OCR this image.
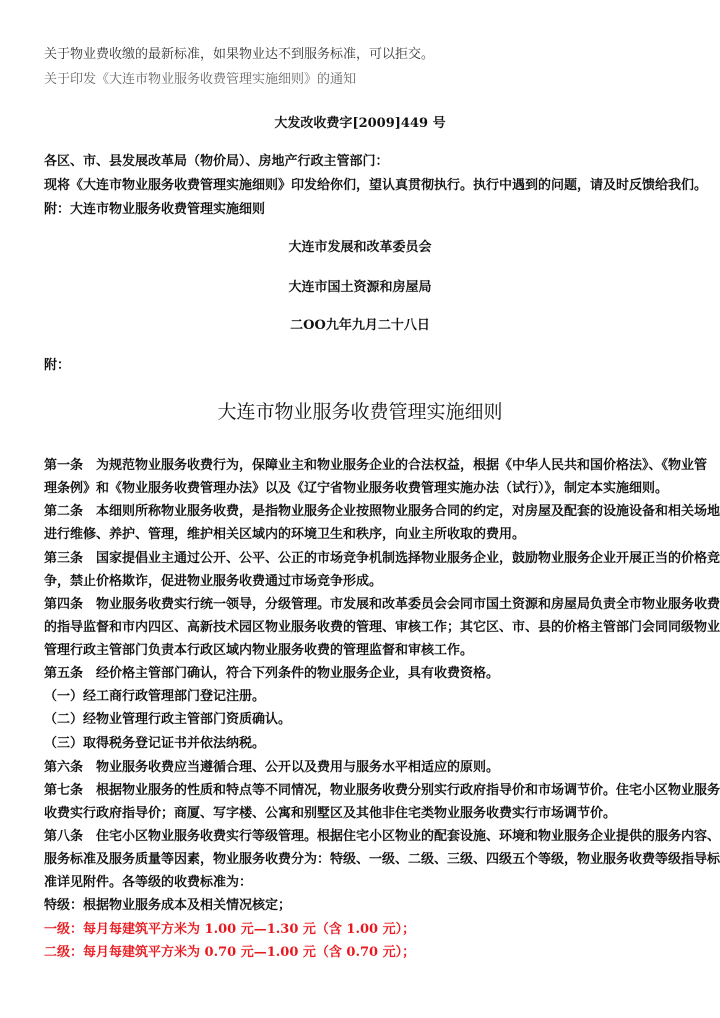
关于物业费收缴的最新标准，如果物业达不到服务标准，可以拒交。
关于印发《大连市物业服务收费管理实施细则》的通知
大发改收费字[2009]449 号
各区、市、县发展改革局（物价局）、房地产行政主管部门：
现将《大连市物业服务收费管理实施细则》印发给你们，望认真贯彻执行。执行中遇到的问题，请及时反馈给我们。
附：大连市物业服务收费管理实施细则
大连市发展和改革委员会
大连市国土资源和房屋局
二OO九年九月二十八日
附：
大连市物业服务收费管理实施细则
第一条　为规范物业服务收费行为，保障业主和物业服务企业的合法权益，根据《中华人民共和国价格法》、《物业管
理条例》和《物业服务收费管理办法》以及《辽宁省物业服务收费管理实施办法（试行）》，制定本实施细则。
第二条　本细则所称物业服务收费，是指物业服务企业按照物业服务合同的约定，对房屋及配套的设施设备和相关场地
进行维修、养护、管理，维护相关区域内的环境卫生和秩序，向业主所收取的费用。
第三条　国家提倡业主通过公开、公平、公正的市场竞争机制选择物业服务企业，鼓励物业服务企业开展正当的价格竞
争，禁止价格欺诈，促进物业服务收费通过市场竞争形成。
第四条　物业服务收费实行统一领导，分级管理。市发展和改革委员会会同市国土资源和房屋局负责全市物业服务收费
的指导监督和市内四区、高新技术园区物业服务收费的管理、审核工作；其它区、市、县的价格主管部门会同同级物业
管理行政主管部门负责本行政区域内物业服务收费的管理监督和审核工作。
第五条　经价格主管部门确认，符合下列条件的物业服务企业，具有收费资格。
（一）经工商行政管理部门登记注册。
（二）经物业管理行政主管部门资质确认。
（三）取得税务登记证书并依法纳税。
第六条　物业服务收费应当遵循合理、公开以及费用与服务水平相适应的原则。
第七条　根据物业服务的性质和特点等不同情况，物业服务收费分别实行政府指导价和市场调节价。住宅小区物业服务
收费实行政府指导价；商厦、写字楼、公寓和别墅区及其他非住宅类物业服务收费实行市场调节价。
第八条　住宅小区物业服务收费实行等级管理。根据住宅小区物业的配套设施、环境和物业服务企业提供的服务内容、
服务标准及服务质量等因素，物业服务收费分为：特级、一级、二级、三级、四级五个等级，物业服务收费等级指导标
准详见附件。各等级的收费标准为：
特级：根据物业服务成本及相关情况核定；
一级：每月每建筑平方米为 1.00 元—1.30 元（含 1.00 元）；
二级：每月每建筑平方米为 0.70 元—1.00 元（含 0.70 元）；
